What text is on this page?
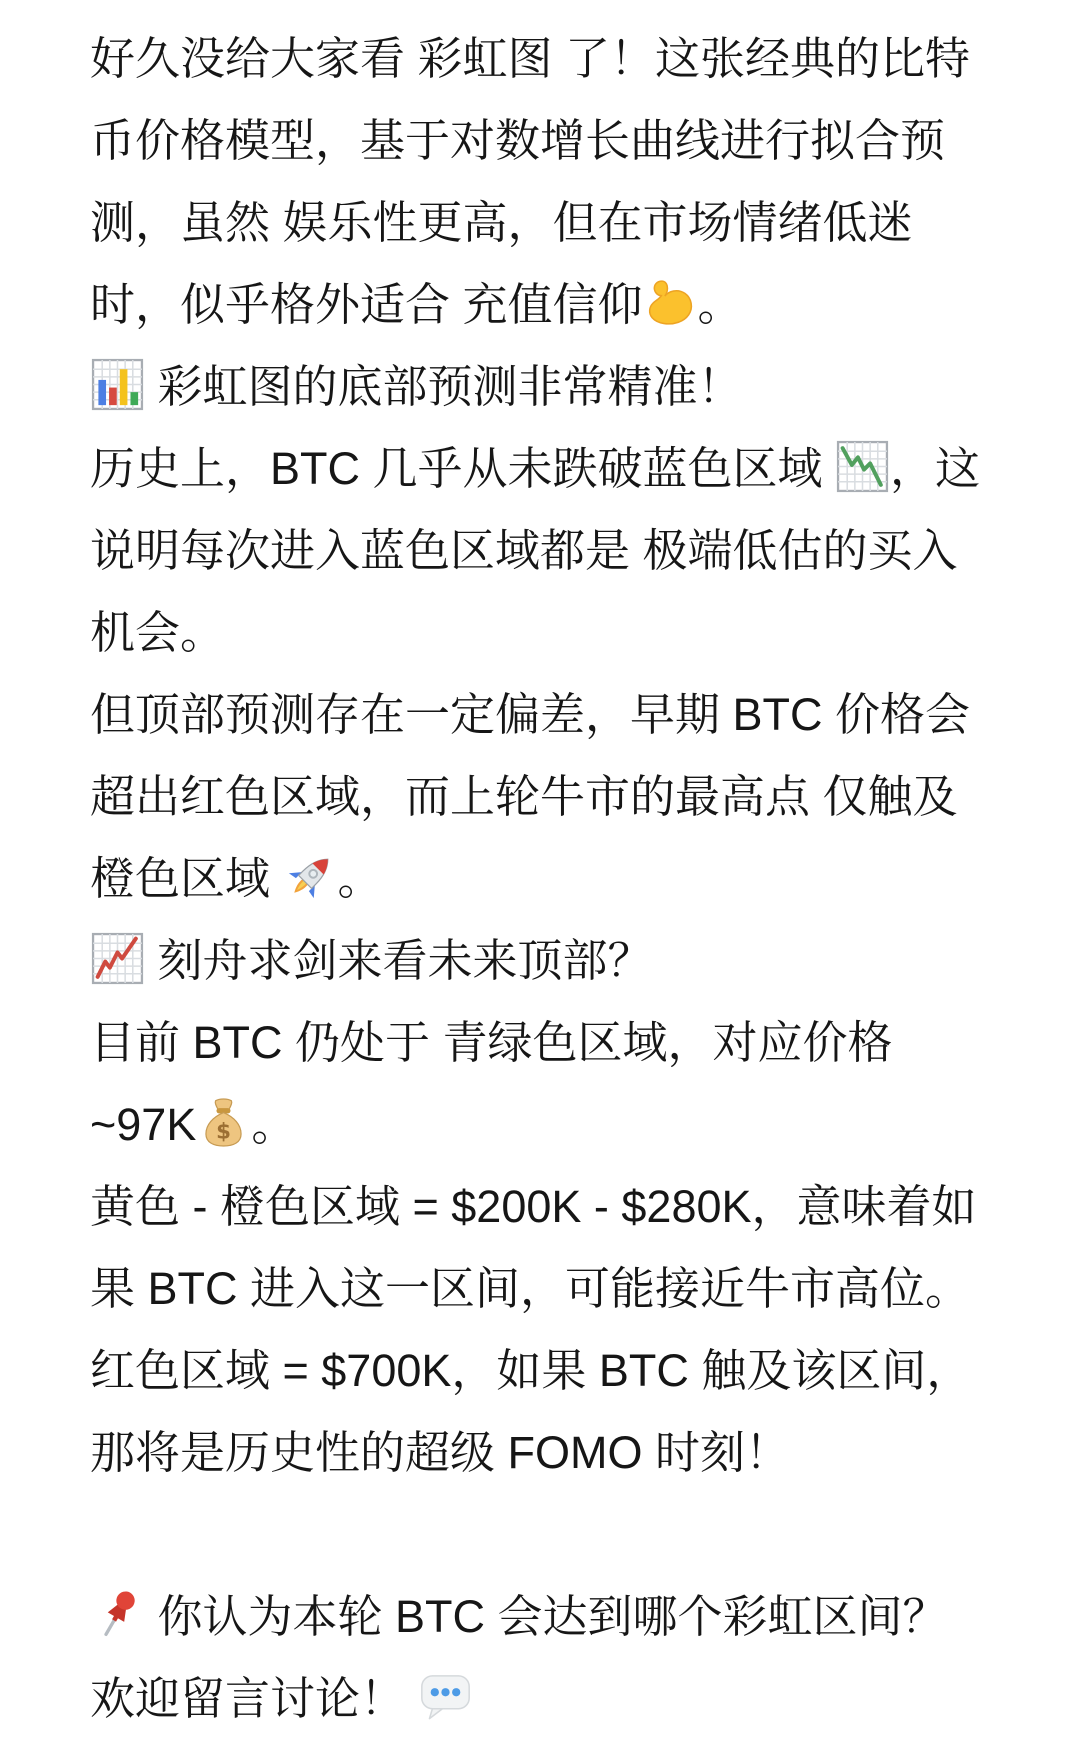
好久没给大家看 彩虹图 了！这张经典的比特
币价格模型，基于对数增长曲线进行拟合预
测，虽然 娱乐性更高，但在市场情绪低迷
时，似乎格外适合 充值信仰 。
彩虹图的底部预测非常精准！
历史上，BTC 几乎从未跌破蓝色区域 ，这
说明每次进入蓝色区域都是 极端低估的买入
机会。
但顶部预测存在一定偏差，早期 BTC 价格会
超出红色区域，而上轮牛市的最高点 仅触及
橙色区域 。
刻舟求剑来看未来顶部？
目前 BTC 仍处于 青绿色区域，对应价格
~97K $ 。
黄色 - 橙色区域 = $200K - $280K，意味着如
果 BTC 进入这一区间，可能接近牛市高位。
红色区域 = $700K，如果 BTC 触及该区间，
那将是历史性的超级 FOMO 时刻！
你认为本轮 BTC 会达到哪个彩虹区间？
欢迎留言讨论！
